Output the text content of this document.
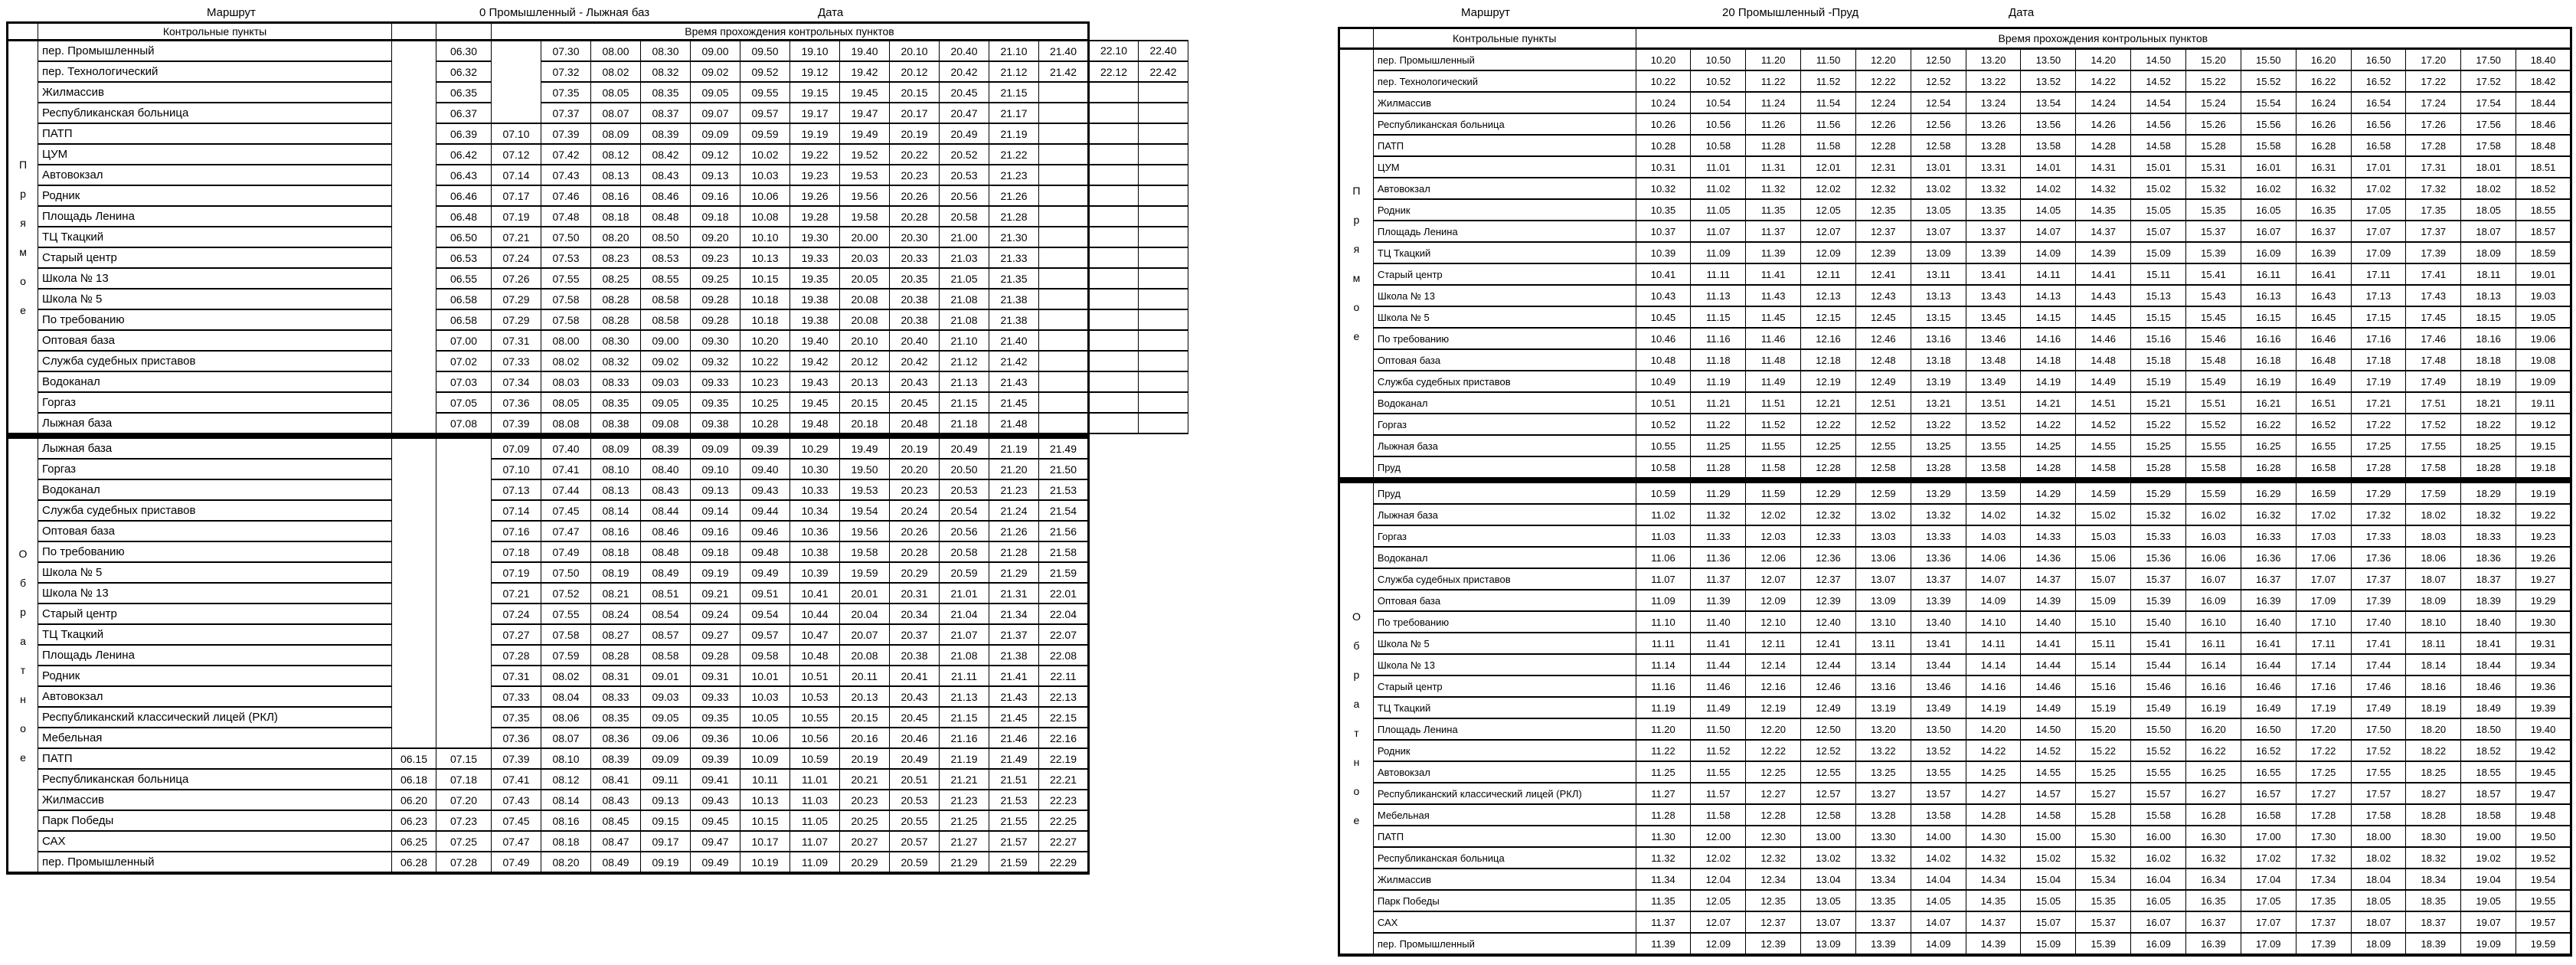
Маршрут	0 Промышленный - Лыжная баз	Дата
	Контрольные пункты			Время прохождения контрольных пунктов													

П
р
я
м
о
е
	пер. Промышленный		06.30		07.30	08.00	08.30	09.00	09.50	19.10	19.40	20.10	20.40	21.10	21.40	22.10	22.40
	пер. Технологический		06.32		07.32	08.02	08.32	09.02	09.52	19.12	19.42	20.12	20.42	21.12	21.42	22.12	22.42
	Жилмассив		06.35		07.35	08.05	08.35	09.05	09.55	19.15	19.45	20.15	20.45	21.15			
	Республиканская больница		06.37		07.37	08.07	08.37	09.07	09.57	19.17	19.47	20.17	20.47	21.17			
	ПАТП		06.39	07.10	07.39	08.09	08.39	09.09	09.59	19.19	19.49	20.19	20.49	21.19			
	ЦУМ		06.42	07.12	07.42	08.12	08.42	09.12	10.02	19.22	19.52	20.22	20.52	21.22			
	Автовокзал		06.43	07.14	07.43	08.13	08.43	09.13	10.03	19.23	19.53	20.23	20.53	21.23			
	Родник		06.46	07.17	07.46	08.16	08.46	09.16	10.06	19.26	19.56	20.26	20.56	21.26			
	Площадь Ленина		06.48	07.19	07.48	08.18	08.48	09.18	10.08	19.28	19.58	20.28	20.58	21.28			
	ТЦ Ткацкий		06.50	07.21	07.50	08.20	08.50	09.20	10.10	19.30	20.00	20.30	21.00	21.30			
	Старый центр		06.53	07.24	07.53	08.23	08.53	09.23	10.13	19.33	20.03	20.33	21.03	21.33			
	Школа № 13		06.55	07.26	07.55	08.25	08.55	09.25	10.15	19.35	20.05	20.35	21.05	21.35			
	Школа № 5		06.58	07.29	07.58	08.28	08.58	09.28	10.18	19.38	20.08	20.38	21.08	21.38			
	По требованию		06.58	07.29	07.58	08.28	08.58	09.28	10.18	19.38	20.08	20.38	21.08	21.38			
	Оптовая база		07.00	07.31	08.00	08.30	09.00	09.30	10.20	19.40	20.10	20.40	21.10	21.40			
	Служба судебных приставов		07.02	07.33	08.02	08.32	09.02	09.32	10.22	19.42	20.12	20.42	21.12	21.42			
	Водоканал		07.03	07.34	08.03	08.33	09.03	09.33	10.23	19.43	20.13	20.43	21.13	21.43			
	Горгаз		07.05	07.36	08.05	08.35	09.05	09.35	10.25	19.45	20.15	20.45	21.15	21.45			
	Лыжная база		07.08	07.39	08.08	08.38	09.08	09.38	10.28	19.48	20.18	20.48	21.18	21.48			

О
б
р
а
т
н
о
е
	Лыжная база			07.09	07.40	08.09	08.39	09.09	09.39	10.29	19.49	20.19	20.49	21.19	21.49
	Горгаз			07.10	07.41	08.10	08.40	09.10	09.40	10.30	19.50	20.20	20.50	21.20	21.50		
	Водоканал			07.13	07.44	08.13	08.43	09.13	09.43	10.33	19.53	20.23	20.53	21.23	21.53		
	Служба судебных приставов			07.14	07.45	08.14	08.44	09.14	09.44	10.34	19.54	20.24	20.54	21.24	21.54		
	Оптовая база			07.16	07.47	08.16	08.46	09.16	09.46	10.36	19.56	20.26	20.56	21.26	21.56		
	По требованию			07.18	07.49	08.18	08.48	09.18	09.48	10.38	19.58	20.28	20.58	21.28	21.58		
	Школа № 5			07.19	07.50	08.19	08.49	09.19	09.49	10.39	19.59	20.29	20.59	21.29	21.59		
	Школа № 13			07.21	07.52	08.21	08.51	09.21	09.51	10.41	20.01	20.31	21.01	21.31	22.01		
	Старый центр			07.24	07.55	08.24	08.54	09.24	09.54	10.44	20.04	20.34	21.04	21.34	22.04		
	ТЦ Ткацкий			07.27	07.58	08.27	08.57	09.27	09.57	10.47	20.07	20.37	21.07	21.37	22.07		
	Площадь Ленина			07.28	07.59	08.28	08.58	09.28	09.58	10.48	20.08	20.38	21.08	21.38	22.08		
	Родник			07.31	08.02	08.31	09.01	09.31	10.01	10.51	20.11	20.41	21.11	21.41	22.11		
	Автовокзал			07.33	08.04	08.33	09.03	09.33	10.03	10.53	20.13	20.43	21.13	21.43	22.13		
	Республиканский классический лицей (РКЛ)			07.35	08.06	08.35	09.05	09.35	10.05	10.55	20.15	20.45	21.15	21.45	22.15		
	Мебельная			07.36	08.07	08.36	09.06	09.36	10.06	10.56	20.16	20.46	21.16	21.46	22.16		
	ПАТП	06.15	07.15	07.39	08.10	08.39	09.09	09.39	10.09	10.59	20.19	20.49	21.19	21.49	22.19		
	Республиканская больница	06.18	07.18	07.41	08.12	08.41	09.11	09.41	10.11	11.01	20.21	20.51	21.21	21.51	22.21		
	Жилмассив	06.20	07.20	07.43	08.14	08.43	09.13	09.43	10.13	11.03	20.23	20.53	21.23	21.53	22.23		
	Парк Победы	06.23	07.23	07.45	08.16	08.45	09.15	09.45	10.15	11.05	20.25	20.55	21.25	21.55	22.25		
	САХ	06.25	07.25	07.47	08.18	08.47	09.17	09.47	10.17	11.07	20.27	20.57	21.27	21.57	22.27		
	пер. Промышленный	06.28	07.28	07.49	08.20	08.49	09.19	09.49	10.19	11.09	20.29	20.59	21.29	21.59	22.29		
Маршрут	20 Промышленный -Пруд	Дата
	Контрольные пункты	Время прохождения контрольных пунктов																

П
р
я
м
о
е
	пер. Промышленный	10.20	10.50	11.20	11.50	12.20	12.50	13.20	13.50	14.20	14.50	15.20	15.50	16.20	16.50	17.20	17.50	18.40
	пер. Технологический	10.22	10.52	11.22	11.52	12.22	12.52	13.22	13.52	14.22	14.52	15.22	15.52	16.22	16.52	17.22	17.52	18.42
	Жилмассив	10.24	10.54	11.24	11.54	12.24	12.54	13.24	13.54	14.24	14.54	15.24	15.54	16.24	16.54	17.24	17.54	18.44
	Республиканская больница	10.26	10.56	11.26	11.56	12.26	12.56	13.26	13.56	14.26	14.56	15.26	15.56	16.26	16.56	17.26	17.56	18.46
	ПАТП	10.28	10.58	11.28	11.58	12.28	12.58	13.28	13.58	14.28	14.58	15.28	15.58	16.28	16.58	17.28	17.58	18.48
	ЦУМ	10.31	11.01	11.31	12.01	12.31	13.01	13.31	14.01	14.31	15.01	15.31	16.01	16.31	17.01	17.31	18.01	18.51
	Автовокзал	10.32	11.02	11.32	12.02	12.32	13.02	13.32	14.02	14.32	15.02	15.32	16.02	16.32	17.02	17.32	18.02	18.52
	Родник	10.35	11.05	11.35	12.05	12.35	13.05	13.35	14.05	14.35	15.05	15.35	16.05	16.35	17.05	17.35	18.05	18.55
	Площадь Ленина	10.37	11.07	11.37	12.07	12.37	13.07	13.37	14.07	14.37	15.07	15.37	16.07	16.37	17.07	17.37	18.07	18.57
	ТЦ Ткацкий	10.39	11.09	11.39	12.09	12.39	13.09	13.39	14.09	14.39	15.09	15.39	16.09	16.39	17.09	17.39	18.09	18.59
	Старый центр	10.41	11.11	11.41	12.11	12.41	13.11	13.41	14.11	14.41	15.11	15.41	16.11	16.41	17.11	17.41	18.11	19.01
	Школа № 13	10.43	11.13	11.43	12.13	12.43	13.13	13.43	14.13	14.43	15.13	15.43	16.13	16.43	17.13	17.43	18.13	19.03
	Школа № 5	10.45	11.15	11.45	12.15	12.45	13.15	13.45	14.15	14.45	15.15	15.45	16.15	16.45	17.15	17.45	18.15	19.05
	По требованию	10.46	11.16	11.46	12.16	12.46	13.16	13.46	14.16	14.46	15.16	15.46	16.16	16.46	17.16	17.46	18.16	19.06
	Оптовая база	10.48	11.18	11.48	12.18	12.48	13.18	13.48	14.18	14.48	15.18	15.48	16.18	16.48	17.18	17.48	18.18	19.08
	Служба судебных приставов	10.49	11.19	11.49	12.19	12.49	13.19	13.49	14.19	14.49	15.19	15.49	16.19	16.49	17.19	17.49	18.19	19.09
	Водоканал	10.51	11.21	11.51	12.21	12.51	13.21	13.51	14.21	14.51	15.21	15.51	16.21	16.51	17.21	17.51	18.21	19.11
	Горгаз	10.52	11.22	11.52	12.22	12.52	13.22	13.52	14.22	14.52	15.22	15.52	16.22	16.52	17.22	17.52	18.22	19.12
	Лыжная база	10.55	11.25	11.55	12.25	12.55	13.25	13.55	14.25	14.55	15.25	15.55	16.25	16.55	17.25	17.55	18.25	19.15
	Пруд	10.58	11.28	11.58	12.28	12.58	13.28	13.58	14.28	14.58	15.28	15.58	16.28	16.58	17.28	17.58	18.28	19.18

О
б
р
а
т
н
о
е
	Пруд	10.59	11.29	11.59	12.29	12.59	13.29	13.59	14.29	14.59	15.29	15.59	16.29	16.59	17.29	17.59	18.29	19.19
	Лыжная база	11.02	11.32	12.02	12.32	13.02	13.32	14.02	14.32	15.02	15.32	16.02	16.32	17.02	17.32	18.02	18.32	19.22
	Горгаз	11.03	11.33	12.03	12.33	13.03	13.33	14.03	14.33	15.03	15.33	16.03	16.33	17.03	17.33	18.03	18.33	19.23
	Водоканал	11.06	11.36	12.06	12.36	13.06	13.36	14.06	14.36	15.06	15.36	16.06	16.36	17.06	17.36	18.06	18.36	19.26
	Служба судебных приставов	11.07	11.37	12.07	12.37	13.07	13.37	14.07	14.37	15.07	15.37	16.07	16.37	17.07	17.37	18.07	18.37	19.27
	Оптовая база	11.09	11.39	12.09	12.39	13.09	13.39	14.09	14.39	15.09	15.39	16.09	16.39	17.09	17.39	18.09	18.39	19.29
	По требованию	11.10	11.40	12.10	12.40	13.10	13.40	14.10	14.40	15.10	15.40	16.10	16.40	17.10	17.40	18.10	18.40	19.30
	Школа № 5	11.11	11.41	12.11	12.41	13.11	13.41	14.11	14.41	15.11	15.41	16.11	16.41	17.11	17.41	18.11	18.41	19.31
	Школа № 13	11.14	11.44	12.14	12.44	13.14	13.44	14.14	14.44	15.14	15.44	16.14	16.44	17.14	17.44	18.14	18.44	19.34
	Старый центр	11.16	11.46	12.16	12.46	13.16	13.46	14.16	14.46	15.16	15.46	16.16	16.46	17.16	17.46	18.16	18.46	19.36
	ТЦ Ткацкий	11.19	11.49	12.19	12.49	13.19	13.49	14.19	14.49	15.19	15.49	16.19	16.49	17.19	17.49	18.19	18.49	19.39
	Площадь Ленина	11.20	11.50	12.20	12.50	13.20	13.50	14.20	14.50	15.20	15.50	16.20	16.50	17.20	17.50	18.20	18.50	19.40
	Родник	11.22	11.52	12.22	12.52	13.22	13.52	14.22	14.52	15.22	15.52	16.22	16.52	17.22	17.52	18.22	18.52	19.42
	Автовокзал	11.25	11.55	12.25	12.55	13.25	13.55	14.25	14.55	15.25	15.55	16.25	16.55	17.25	17.55	18.25	18.55	19.45
	Республиканский классический лицей (РКЛ)	11.27	11.57	12.27	12.57	13.27	13.57	14.27	14.57	15.27	15.57	16.27	16.57	17.27	17.57	18.27	18.57	19.47
	Мебельная	11.28	11.58	12.28	12.58	13.28	13.58	14.28	14.58	15.28	15.58	16.28	16.58	17.28	17.58	18.28	18.58	19.48
	ПАТП	11.30	12.00	12.30	13.00	13.30	14.00	14.30	15.00	15.30	16.00	16.30	17.00	17.30	18.00	18.30	19.00	19.50
	Республиканская больница	11.32	12.02	12.32	13.02	13.32	14.02	14.32	15.02	15.32	16.02	16.32	17.02	17.32	18.02	18.32	19.02	19.52
	Жилмассив	11.34	12.04	12.34	13.04	13.34	14.04	14.34	15.04	15.34	16.04	16.34	17.04	17.34	18.04	18.34	19.04	19.54
	Парк Победы	11.35	12.05	12.35	13.05	13.35	14.05	14.35	15.05	15.35	16.05	16.35	17.05	17.35	18.05	18.35	19.05	19.55
	САХ	11.37	12.07	12.37	13.07	13.37	14.07	14.37	15.07	15.37	16.07	16.37	17.07	17.37	18.07	18.37	19.07	19.57
	пер. Промышленный	11.39	12.09	12.39	13.09	13.39	14.09	14.39	15.09	15.39	16.09	16.39	17.09	17.39	18.09	18.39	19.09	19.59
